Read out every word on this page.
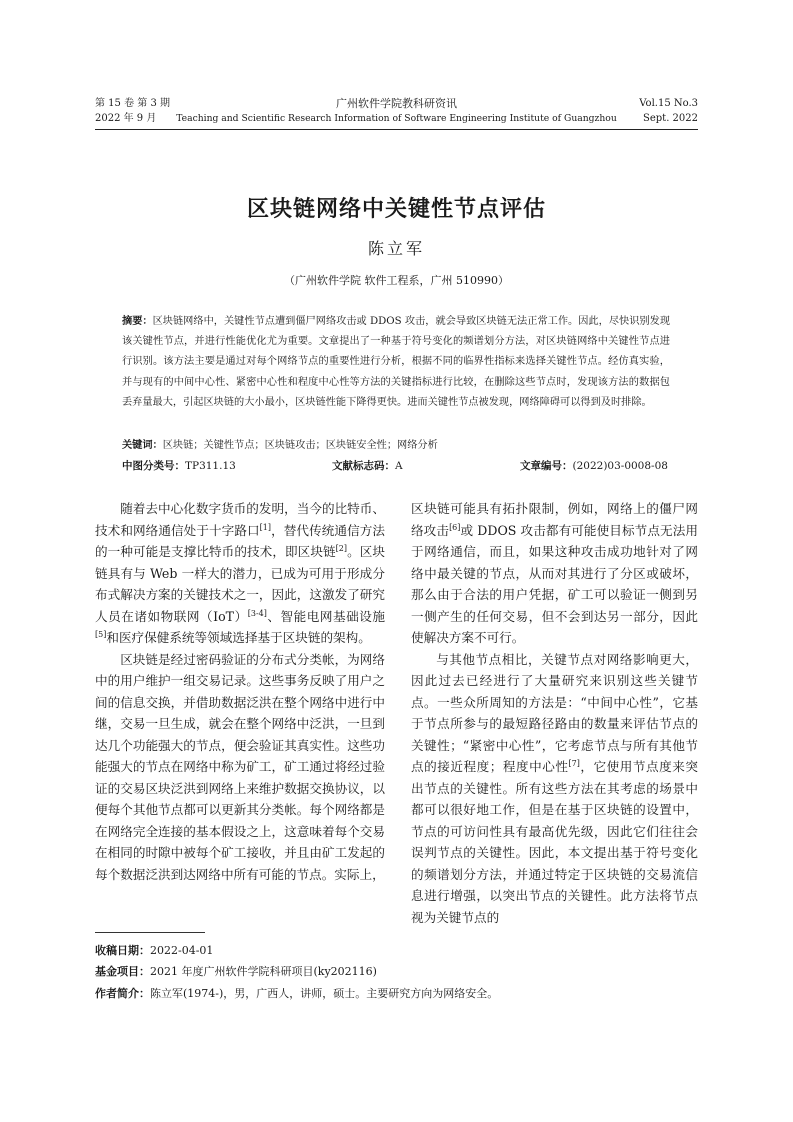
第 15 卷 第 3 期
2022 年 9 月
广州软件学院教科研资讯
Teaching and Scientific Research Information of Software Engineering Institute of Guangzhou
Vol.15 No.3
Sept. 2022
区块链网络中关键性节点评估
陈立军
（广州软件学院 软件工程系，广州 510990）
摘要：区块链网络中，关键性节点遭到僵尸网络攻击或 DDOS 攻击，就会导致区块链无法正常工作。因此，尽快识别发现该关键性节点，并进行性能优化尤为重要。文章提出了一种基于符号变化的频谱划分方法，对区块链网络中关键性节点进行识别。该方法主要是通过对每个网络节点的重要性进行分析，根据不同的临界性指标来选择关键性节点。经仿真实验，并与现有的中间中心性、紧密中心性和程度中心性等方法的关键指标进行比较，在删除这些节点时，发现该方法的数据包丢弃量最大，引起区块链的大小最小，区块链性能下降得更快。进而关键性节点被发现，网络障碍可以得到及时排除。
关键词：区块链；关键性节点；区块链攻击；区块链安全性；网络分析
中图分类号：TP311.13	文献标志码：A	文章编号：(2022)03-0008-08

随着去中心化数字货币的发明，当今的比特币、技术和网络通信处于十字路口[1]，替代传统通信方法的一种可能是支撑比特币的技术，即区块链[2]。区块链具有与 Web 一样大的潜力，已成为可用于形成分布式解决方案的关键技术之一，因此，这激发了研究人员在诸如物联网（IoT）[3-4]、智能电网基础设施[5]和医疗保健系统等领域选择基于区块链的架构。

区块链是经过密码验证的分布式分类帐，为网络中的用户维护一组交易记录。这些事务反映了用户之间的信息交换，并借助数据泛洪在整个网络中进行中继，交易一旦生成，就会在整个网络中泛洪，一旦到达几个功能强大的节点，便会验证其真实性。这些功能强大的节点在网络中称为矿工，矿工通过将经过验证的交易区块泛洪到网络上来维护数据交换协议，以便每个其他节点都可以更新其分类帐。每个网络都是在网络完全连接的基本假设之上，这意味着每个交易在相同的时隙中被每个矿工接收，并且由矿工发起的每个数据泛洪到达网络中所有可能的节点。实际上，

区块链可能具有拓扑限制，例如，网络上的僵尸网络攻击[6]或 DDOS 攻击都有可能使目标节点无法用于网络通信，而且，如果这种攻击成功地针对了网络中最关键的节点，从而对其进行了分区或破坏，那么由于合法的用户凭据，矿工可以验证一侧到另一侧产生的任何交易，但不会到达另一部分，因此使解决方案不可行。

与其他节点相比，关键节点对网络影响更大，因此过去已经进行了大量研究来识别这些关键节点。一些众所周知的方法是：“中间中心性”，它基于节点所参与的最短路径路由的数量来评估节点的关键性；“紧密中心性”，它考虑节点与所有其他节点的接近程度；程度中心性[7]，它使用节点度来突出节点的关键性。所有这些方法在其考虑的场景中都可以很好地工作，但是在基于区块链的设置中，节点的可访问性具有最高优先级，因此它们往往会误判节点的关键性。因此，本文提出基于符号变化的频谱划分方法，并通过特定于区块链的交易流信息进行增强，以突出节点的关键性。此方法将节点视为关键节点的

收稿日期：2022-04-01
基金项目：2021 年度广州软件学院科研项目(ky202116)
作者简介：陈立军(1974-)，男，广西人，讲师，硕士。主要研究方向为网络安全。
